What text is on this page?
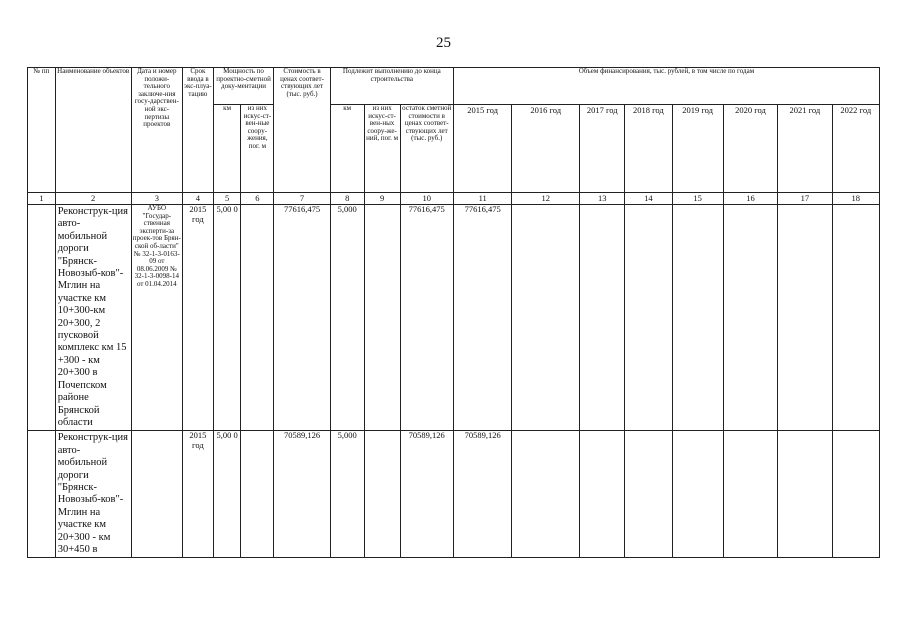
25
№ пп	Наименование объектов	Дата и номер положи-тельного заключе-ния госу-дарствен-ной экс-пертизы проектов	Срок ввода в экс-плуа-тацию	Мощность по проектно-сметной доку-ментации		Стоимость в ценах соответ-ствующих лет (тыс. руб.)	Подлежит выполнению до конца строительства			Объем финансирования, тыс. рублей, в том числе по годам							
										2015 год	2016 год	2017 год	2018 год	2019 год	2020 год	2021 год	2022 год
				км	из них искус-ст-вен-ные соору-жения, пог. м		км	из них искус-ст-вен-ных соору-же-ний, пог. м	остаток сметной стоимости в ценах соответ-ствующих лет (тыс. руб.)								
1	2	3	4	5	6	7	8	9	10	11	12	13	14	15	16	17	18
	Реконструк-ция авто-мобильной дороги "Брянск-Новозыб-ков"-Мглин на участке км 10+300-км 20+300, 2 пусковой комплекс км 15 +300 - км 20+300 в Почепском районе Брянской области	АУБО "Государ-ственная эксперти-за проек-тов Брян-ской об-ласти" № 32-1-3-0163-09 от 08.06.2009 № 32-1-3-0098-14 от 01.04.2014	2015 год	5,00 0		77616,475	5,000		77616,475	77616,475							
	Реконструк-ция авто-мобильной дороги "Брянск-Новозыб-ков"-Мглин на участке км 20+300 - км 30+450 в		2015 год	5,00 0		70589,126	5,000		70589,126	70589,126							
